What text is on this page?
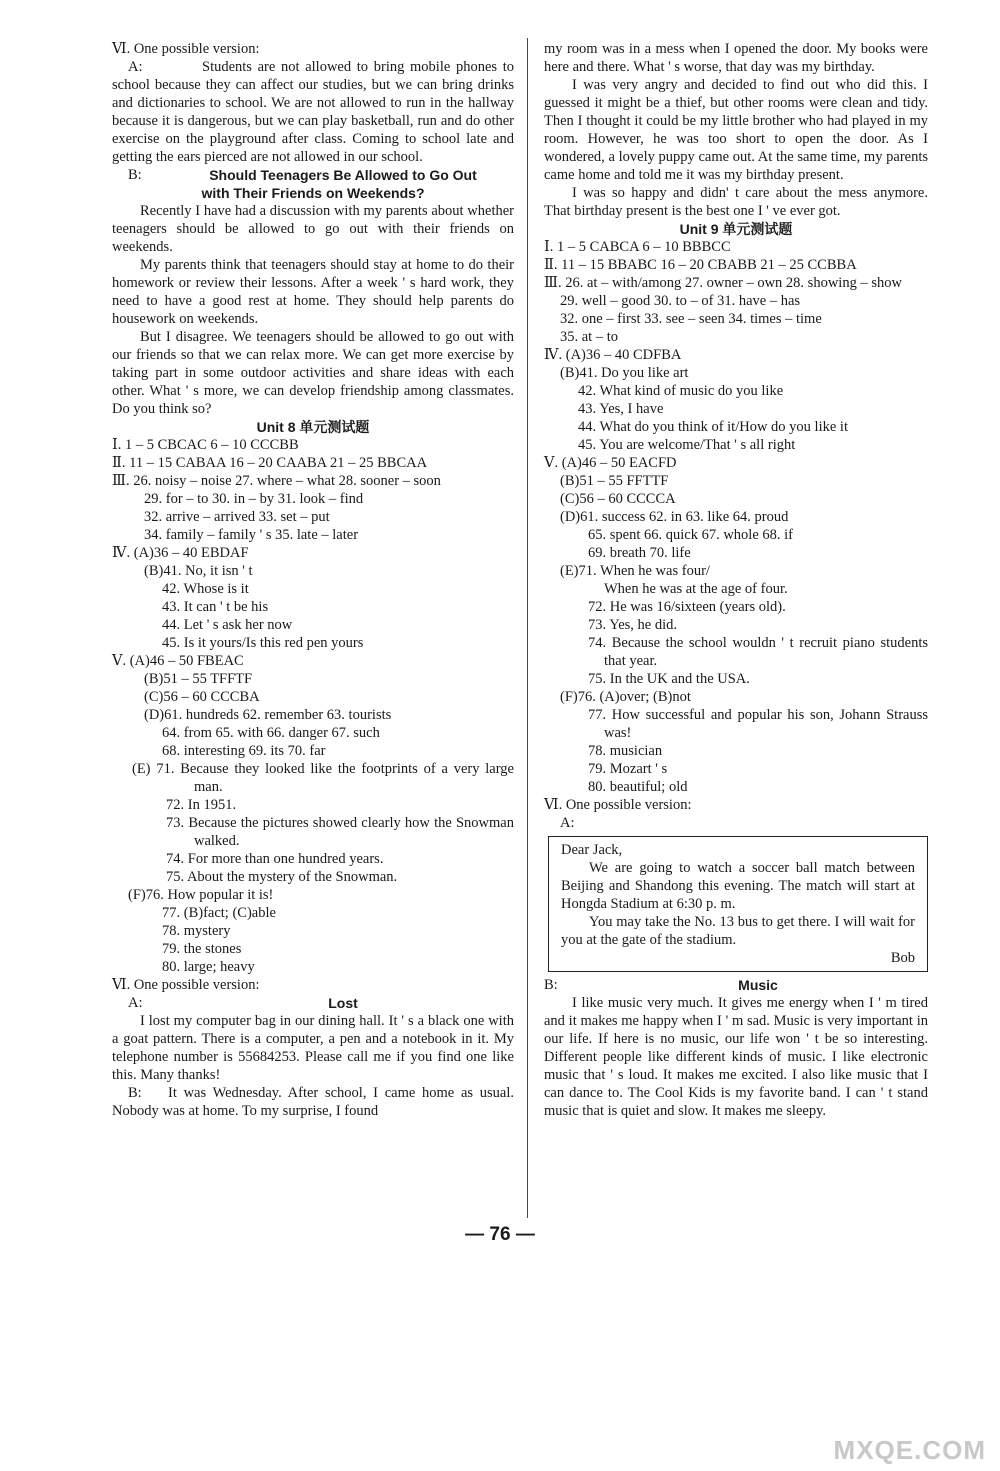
Ⅵ. One possible version:

A:	Students are not allowed to bring mobile phones to school because they can affect our studies, but we can bring drinks and dictionaries to school. We are not allowed to run in the hallway because it is dangerous, but we can play basketball, run and do other exercise on the playground after class. Coming to school late and getting the ears pierced are not allowed in our school.

B:	Should Teenagers Be Allowed to Go Out

with Their Friends on Weekends?

Recently I have had a discussion with my parents about whether teenagers should be allowed to go out with their friends on weekends.

My parents think that teenagers should stay at home to do their homework or review their lessons. After a week ' s hard work, they need to have a good rest at home. They should help parents do housework on weekends.

But I disagree. We teenagers should be allowed to go out with our friends so that we can relax more. We can get more exercise by taking part in some outdoor activities and share ideas with each other. What ' s more, we can develop friendship among classmates. Do you think so?

Unit 8 单元测试题

Ⅰ. 1 – 5 CBCAC 6 – 10 CCCBB

Ⅱ. 11 – 15 CABAA 16 – 20 CAABA 21 – 25 BBCAA

Ⅲ. 26. noisy – noise 27. where – what 28. sooner – soon

29. for – to 30. in – by 31. look – find

32. arrive – arrived 33. set – put

34. family – family ' s 35. late – later

Ⅳ. (A)36 – 40 EBDAF

(B)41. No, it isn ' t

42. Whose is it

43. It can ' t be his

44. Let ' s ask her now

45. Is it yours/Is this red pen yours

Ⅴ. (A)46 – 50 FBEAC

(B)51 – 55 TFFTF

(C)56 – 60 CCCBA

(D)61. hundreds 62. remember 63. tourists

64. from 65. with 66. danger 67. such

68. interesting 69. its 70. far

(E) 71. Because they looked like the footprints of a very large man.

72. In 1951.

73. Because the pictures showed clearly how the Snowman walked.

74. For more than one hundred years.

75. About the mystery of the Snowman.

(F)76. How popular it is!

77. (B)fact; (C)able

78. mystery

79. the stones

80. large; heavy

Ⅵ. One possible version:

A:	Lost

I lost my computer bag in our dining hall. It ' s a black one with a goat pattern. There is a computer, a pen and a notebook in it. My telephone number is 55684253. Please call me if you find one like this. Many thanks!

B:	It was Wednesday. After school, I came home as usual. Nobody was at home. To my surprise, I found

my room was in a mess when I opened the door. My books were here and there. What ' s worse, that day was my birthday.

I was very angry and decided to find out who did this. I guessed it might be a thief, but other rooms were clean and tidy. Then I thought it could be my little brother who had played in my room. However, he was too short to open the door. As I wondered, a lovely puppy came out. At the same time, my parents came home and told me it was my birthday present.

I was so happy and didn' t care about the mess anymore. That birthday present is the best one I ' ve ever got.

Unit 9 单元测试题

Ⅰ. 1 – 5 CABCA 6 – 10 BBBCC

Ⅱ. 11 – 15 BBABC 16 – 20 CBABB 21 – 25 CCBBA

Ⅲ. 26. at – with/among 27. owner – own 28. showing – show

29. well – good 30. to – of 31. have – has

32. one – first 33. see – seen 34. times – time

35. at – to

Ⅳ. (A)36 – 40 CDFBA

(B)41. Do you like art

42. What kind of music do you like

43. Yes, I have

44. What do you think of it/How do you like it

45. You are welcome/That ' s all right

Ⅴ. (A)46 – 50 EACFD

(B)51 – 55 FFTTF

(C)56 – 60 CCCCA

(D)61. success 62. in 63. like 64. proud

65. spent 66. quick 67. whole 68. if

69. breath 70. life

(E)71. When he was four/

When he was at the age of four.

72. He was 16/sixteen (years old).

73. Yes, he did.

74. Because the school wouldn ' t recruit piano students that year.

75. In the UK and the USA.

(F)76. (A)over; (B)not

77. How successful and popular his son, Johann Strauss was!

78. musician

79. Mozart ' s

80. beautiful; old

Ⅵ. One possible version:

A:

Dear Jack,

We are going to watch a soccer ball match between Beijing and Shandong this evening. The match will start at Hongda Stadium at 6:30 p. m.

You may take the No. 13 bus to get there. I will wait for you at the gate of the stadium.

Bob

B:	Music

I like music very much. It gives me energy when I ' m tired and it makes me happy when I ' m sad. Music is very important in our life. If here is no music, our life won ' t be so interesting. Different people like different kinds of music. I like electronic music that ' s loud. It makes me excited. I also like music that I can dance to. The Cool Kids is my favorite band. I can ' t stand music that is quiet and slow. It makes me sleepy.

— 76 —
MXQE.COM
